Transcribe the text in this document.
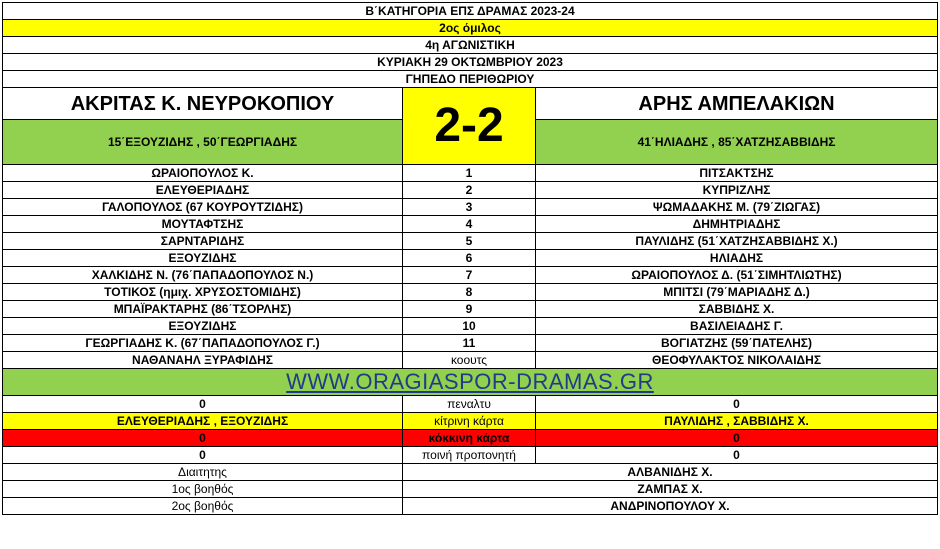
Β΄ΚΑΤΗΓΟΡΙΑ ΕΠΣ ΔΡΑΜΑΣ 2023-24		
2ος όμιλος		
4η ΑΓΩΝΙΣΤΙΚΗ		
ΚΥΡΙΑΚΗ 29 ΟΚΤΩΜΒΡΙΟΥ 2023		
ΓΗΠΕΔΟ ΠΕΡΙΘΩΡΙΟΥ		
ΑΚΡΙΤΑΣ Κ. ΝΕΥΡΟΚΟΠΙΟΥ	2-2	ΑΡΗΣ ΑΜΠΕΛΑΚΙΩΝ
15΄ΕΞΟΥΖΙΔΗΣ , 50΄ΓΕΩΡΓΙΑΔΗΣ		41΄ΗΛΙΑΔΗΣ , 85΄ΧΑΤΖΗΣΑΒΒΙΔΗΣ
ΩΡΑΙΟΠΟΥΛΟΣ Κ.	1	ΠΙΤΣΑΚΤΣΗΣ
ΕΛΕΥΘΕΡΙΑΔΗΣ	2	ΚΥΠΡΙΖΛΗΣ
ΓΑΛΟΠΟΥΛΟΣ (67 ΚΟΥΡΟΥΤΖΙΔΗΣ)	3	ΨΩΜΑΔΑΚΗΣ Μ. (79΄ΖΙΩΓΑΣ)
ΜΟΥΤΑΦΤΣΗΣ	4	ΔΗΜΗΤΡΙΑΔΗΣ
ΣΑΡΝΤΑΡΙΔΗΣ	5	ΠΑΥΛΙΔΗΣ (51΄ΧΑΤΖΗΣΑΒΒΙΔΗΣ Χ.)
ΕΞΟΥΖΙΔΗΣ	6	ΗΛΙΑΔΗΣ
ΧΑΛΚΙΔΗΣ Ν. (76΄ΠΑΠΑΔΟΠΟΥΛΟΣ Ν.)	7	ΩΡΑΙΟΠΟΥΛΟΣ Δ. (51΄ΣΙΜΗΤΛΙΩΤΗΣ)
ΤΟΤΙΚΟΣ (ημιχ. ΧΡΥΣΟΣΤΟΜΙΔΗΣ)	8	ΜΠΙΤΣΙ (79΄ΜΑΡΙΑΔΗΣ Δ.)
ΜΠΑΪΡΑΚΤΑΡΗΣ (86΄ΤΣΟΡΛΗΣ)	9	ΣΑΒΒΙΔΗΣ Χ.
ΕΞΟΥΖΙΔΗΣ	10	ΒΑΣΙΛΕΙΑΔΗΣ Γ.
ΓΕΩΡΓΙΑΔΗΣ Κ. (67΄ΠΑΠΑΔΟΠΟΥΛΟΣ Γ.)	11	ΒΟΓΙΑΤΖΗΣ (59΄ΠΑΤΕΛΗΣ)
ΝΑΘΑΝΑΗΛ ΞΥΡΑΦΙΔΗΣ	κοουτς	ΘΕΟΦΥΛΑΚΤΟΣ ΝΙΚΟΛΑΙΔΗΣ
WWW.ORAGIASPOR-DRAMAS.GR		
0	πεναλτυ	0
ΕΛΕΥΘΕΡΙΑΔΗΣ , ΕΞΟΥΖΙΔΗΣ	κίτρινη κάρτα	ΠΑΥΛΙΔΗΣ , ΣΑΒΒΙΔΗΣ Χ.
0	κόκκινη κάρτα	0
0	ποινή προπονητή	0
Διαιτητης	ΑΛΒΑΝΙΔΗΣ Χ.	
1ος βοηθός	ΖΑΜΠΑΣ Χ.	
2ος βοηθός	ΑΝΔΡΙΝΟΠΟΥΛΟΥ Χ.	
